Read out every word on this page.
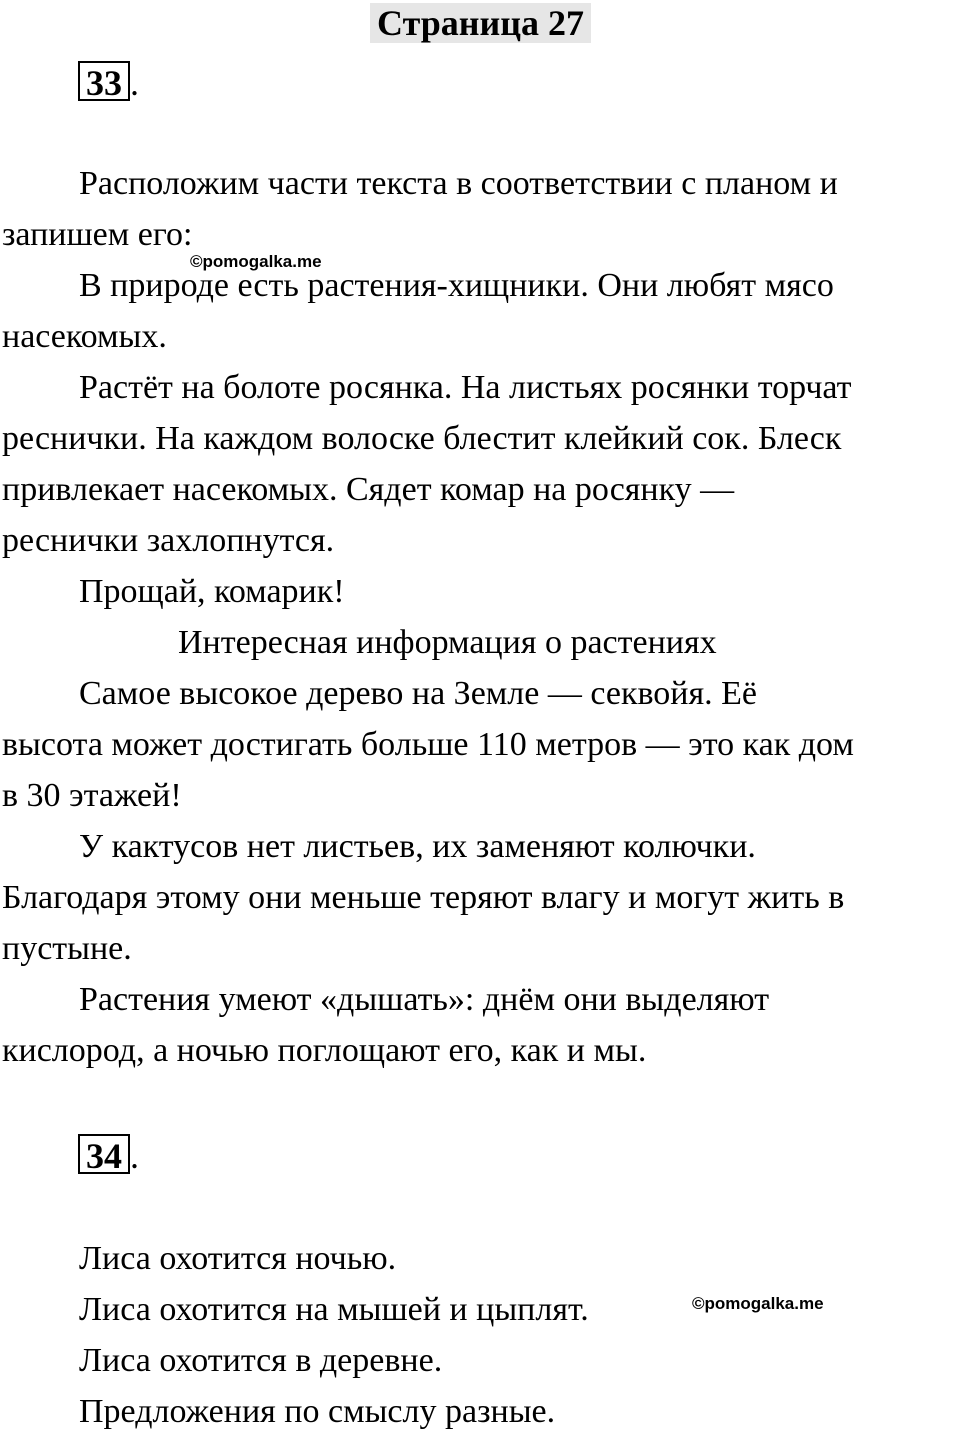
Страница 27
33 .
Расположим части текста в соответствии с планом и
запишем его:
В природе есть растения-хищники. Они любят мясо
насекомых.
Растёт на болоте росянка. На листьях росянки торчат
реснички. На каждом волоске блестит клейкий сок. Блеск
привлекает насекомых. Сядет комар на росянку —
реснички захлопнутся.
Прощай, комарик!
Интересная информация о растениях
Самое высокое дерево на Земле — секвойя. Её
высота может достигать больше 110 метров — это как дом
в 30 этажей!
У кактусов нет листьев, их заменяют колючки.
Благодаря этому они меньше теряют влагу и могут жить в
пустыне.
Растения умеют «дышать»: днём они выделяют
кислород, а ночью поглощают его, как и мы.
©pomogalka.me
34 .
Лиса охотится ночью.
Лиса охотится на мышей и цыплят.
Лиса охотится в деревне.
Предложения по смыслу разные.
©pomogalka.me
